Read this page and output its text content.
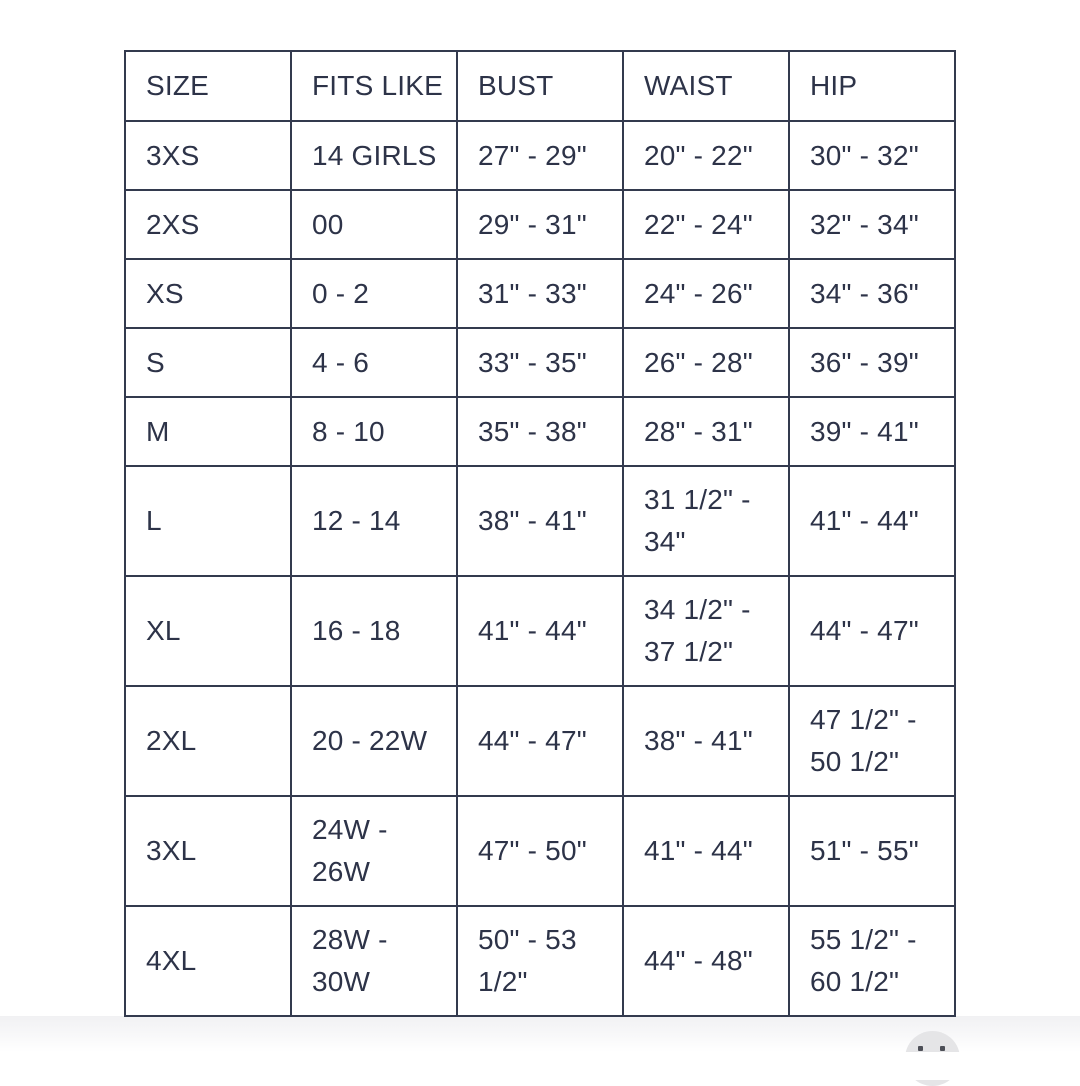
SIZE	FITS LIKE	BUST	WAIST	HIP
3XS	14 GIRLS	27" - 29"	20" - 22"	30" - 32"
2XS	00	29" - 31"	22" - 24"	32" - 34"
XS	0 - 2	31" - 33"	24" - 26"	34" - 36"
S	4 - 6	33" - 35"	26" - 28"	36" - 39"
M	8 - 10	35" - 38"	28" - 31"	39" - 41"
L	12 - 14	38" - 41"	31 1/2" - 34"	41" - 44"
XL	16 - 18	41" - 44"	34 1/2" - 37 1/2"	44" - 47"
2XL	20 - 22W	44" - 47"	38" - 41"	47 1/2" - 50 1/2"
3XL	24W - 26W	47" - 50"	41" - 44"	51" - 55"
4XL	28W - 30W	50" - 53 1/2"	44" - 48"	55 1/2" - 60 1/2"
